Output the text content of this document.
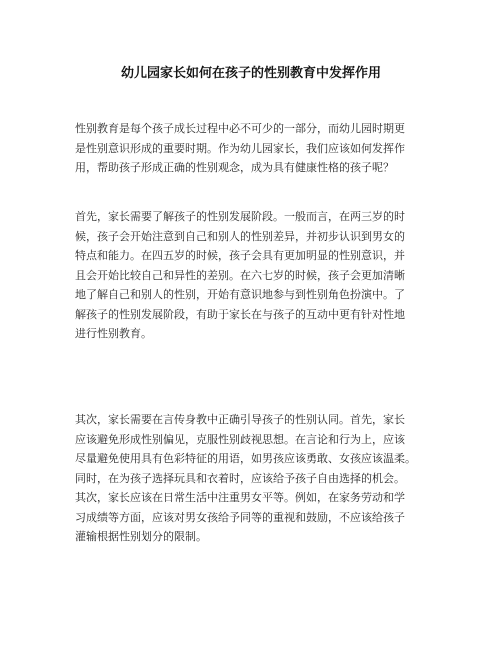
幼儿园家长如何在孩子的性别教育中发挥作用
性别教育是每个孩子成长过程中必不可少的一部分，而幼儿园时期更
是性别意识形成的重要时期。作为幼儿园家长，我们应该如何发挥作
用，帮助孩子形成正确的性别观念，成为具有健康性格的孩子呢？
首先，家长需要了解孩子的性别发展阶段。一般而言，在两三岁的时
候，孩子会开始注意到自己和别人的性别差异，并初步认识到男女的
特点和能力。在四五岁的时候，孩子会具有更加明显的性别意识，并
且会开始比较自己和异性的差别。在六七岁的时候，孩子会更加清晰
地了解自己和别人的性别，开始有意识地参与到性别角色扮演中。了
解孩子的性别发展阶段，有助于家长在与孩子的互动中更有针对性地
进行性别教育。
其次，家长需要在言传身教中正确引导孩子的性别认同。首先，家长
应该避免形成性别偏见，克服性别歧视思想。在言论和行为上，应该
尽量避免使用具有色彩特征的用语，如男孩应该勇敢、女孩应该温柔。
同时，在为孩子选择玩具和衣着时，应该给予孩子自由选择的机会。
其次，家长应该在日常生活中注重男女平等。例如，在家务劳动和学
习成绩等方面，应该对男女孩给予同等的重视和鼓励，不应该给孩子
灌输根据性别划分的限制。
